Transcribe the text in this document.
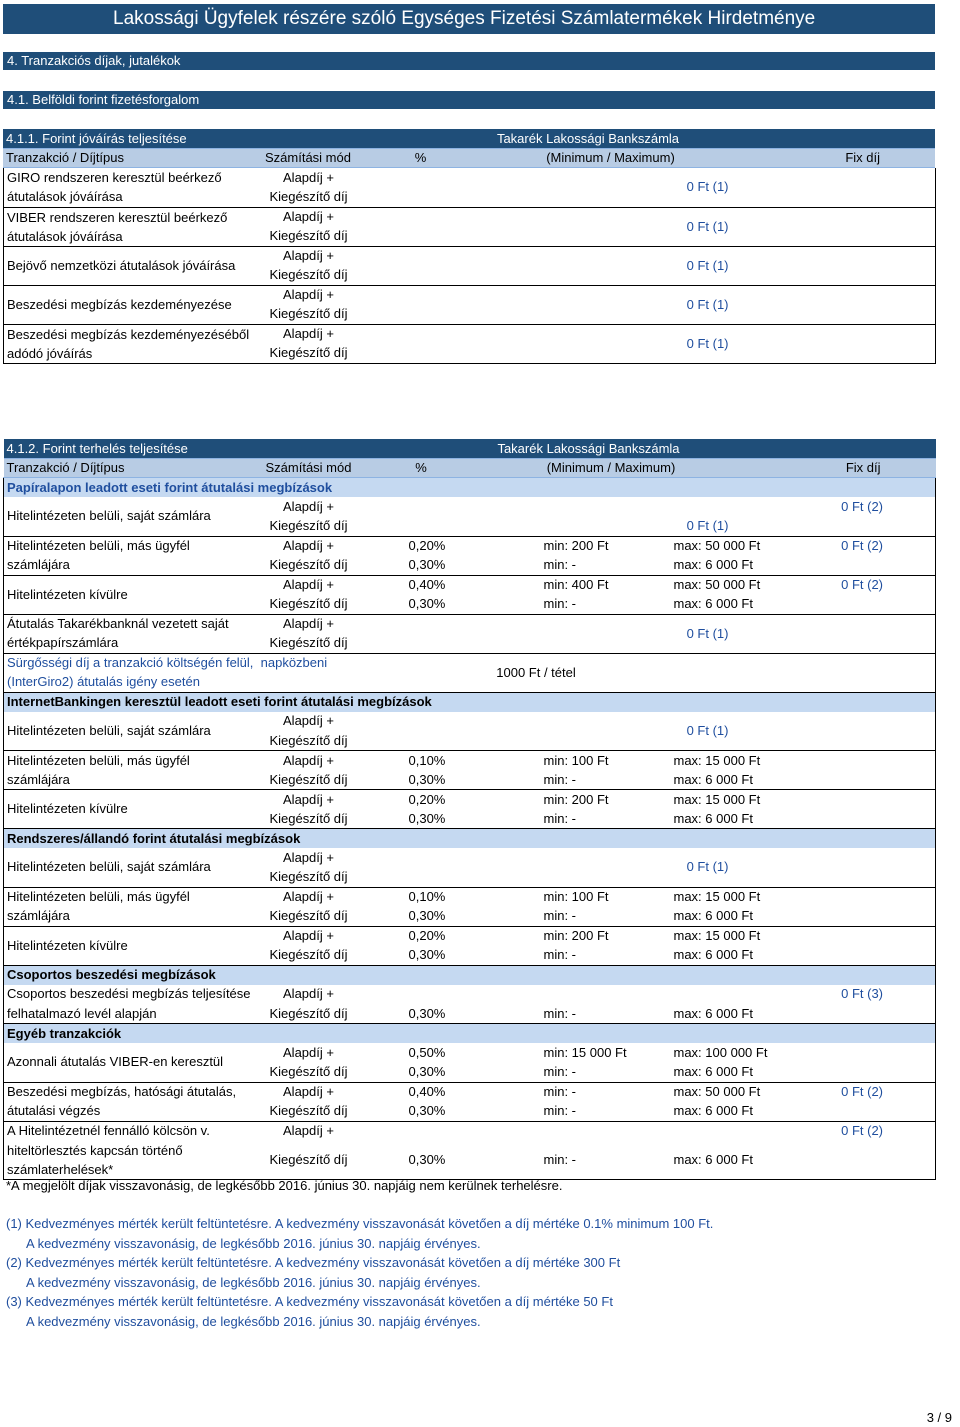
Lakossági Ügyfelek részére szóló Egységes Fizetési Számlatermékek Hirdetménye
4. Tranzakciós díjak, jutalékok
4.1. Belföldi forint fizetésforgalom
4.1.1. Forint jóváírás teljesítése		Takarék Lakossági Bankszámla		
Tranzakció / Díjtípus	Számítási mód	%	(Minimum / Maximum)	Fix díj
GIRO rendszeren keresztül beérkező átutalások jóváírása	Alapdíj +	0 Ft (1)	
	Kiegészítő díj		
VIBER rendszeren keresztül beérkező átutalások jóváírása	Alapdíj +	0 Ft (1)	
	Kiegészítő díj		
Bejövő nemzetközi átutalások jóváírása	Alapdíj +	0 Ft (1)	
	Kiegészítő díj		
Beszedési megbízás kezdeményezése	Alapdíj +	0 Ft (1)	
	Kiegészítő díj		
Beszedési megbízás kezdeményezéséből adódó jóváírás	Alapdíj +	0 Ft (1)	
	Kiegészítő díj		
4.1.2. Forint terhelés teljesítése		Takarék Lakossági Bankszámla				
Tranzakció / Díjtípus	Számítási mód	%	(Minimum / Maximum)		Fix díj	
Papíralapon leadott eseti forint átutalási megbízások						
Hitelintézeten belüli, saját számlára	Alapdíj +					0 Ft (2)
	Kiegészítő díj	0 Ft (1)				
Hitelintézeten belüli, más ügyfél	Alapdíj +	0,20%	min: 200 Ft	max: 50 000 Ft		0 Ft (2)
számlájára	Kiegészítő díj	0,30%	min: -	max: 6 000 Ft		
Hitelintézeten kívülre	Alapdíj +	0,40%	min: 400 Ft	max: 50 000 Ft		0 Ft (2)
	Kiegészítő díj	0,30%	min: -	max: 6 000 Ft		
Átutalás Takarékbanknál vezetett saját	Alapdíj +	0 Ft (1)				
értékpapírszámlára	Kiegészítő díj					
Sürgősségi díj a tranzakció költségén felül,  napközbeni		1000 Ft / tétel				
(InterGiro2) átutalás igény esetén						
InternetBankingen keresztül leadott eseti forint átutalási megbízások						
Hitelintézeten belüli, saját számlára	Alapdíj +	0 Ft (1)				
	Kiegészítő díj					
Hitelintézeten belüli, más ügyfél	Alapdíj +	0,10%	min: 100 Ft	max: 15 000 Ft		
számlájára	Kiegészítő díj	0,30%	min: -	max: 6 000 Ft		
Hitelintézeten kívülre	Alapdíj +	0,20%	min: 200 Ft	max: 15 000 Ft		
	Kiegészítő díj	0,30%	min: -	max: 6 000 Ft		
Rendszeres/állandó forint átutalási megbízások						
Hitelintézeten belüli, saját számlára	Alapdíj +	0 Ft (1)				
	Kiegészítő díj					
Hitelintézeten belüli, más ügyfél	Alapdíj +	0,10%	min: 100 Ft	max: 15 000 Ft		
számlájára	Kiegészítő díj	0,30%	min: -	max: 6 000 Ft		
Hitelintézeten kívülre	Alapdíj +	0,20%	min: 200 Ft	max: 15 000 Ft		
	Kiegészítő díj	0,30%	min: -	max: 6 000 Ft		
Csoportos beszedési megbízások						
Csoportos beszedési megbízás teljesítése	Alapdíj +					0 Ft (3)
felhatalmazó levél alapján	Kiegészítő díj	0,30%	min: -	max: 6 000 Ft		
Egyéb tranzakciók						
Azonnali átutalás VIBER-en keresztül	Alapdíj +	0,50%	min: 15 000 Ft	max: 100 000 Ft		
	Kiegészítő díj	0,30%	min: -	max: 6 000 Ft		
Beszedési megbízás, hatósági átutalás,	Alapdíj +	0,40%	min: -	max: 50 000 Ft		0 Ft (2)
átutalási végzés	Kiegészítő díj	0,30%	min: -	max: 6 000 Ft		
A Hitelintézetnél fennálló kölcsön v.	Alapdíj +					0 Ft (2)
hiteltörlesztés kapcsán történő
számlaterhelések*	Kiegészítő díj	0,30%	min: -	max: 6 000 Ft		
*A megjelölt díjak visszavonásig, de legkésőbb 2016. június 30. napjáig nem kerülnek terhelésre.
(1) Kedvezményes mérték került feltüntetésre. A kedvezmény visszavonását követően a díj mértéke 0.1% minimum 100 Ft.
A kedvezmény visszavonásig, de legkésőbb 2016. június 30. napjáig érvényes.
(2) Kedvezményes mérték került feltüntetésre. A kedvezmény visszavonását követően a díj mértéke 300 Ft
A kedvezmény visszavonásig, de legkésőbb 2016. június 30. napjáig érvényes.
(3) Kedvezményes mérték került feltüntetésre. A kedvezmény visszavonását követően a díj mértéke 50 Ft
A kedvezmény visszavonásig, de legkésőbb 2016. június 30. napjáig érvényes.
3 / 9
